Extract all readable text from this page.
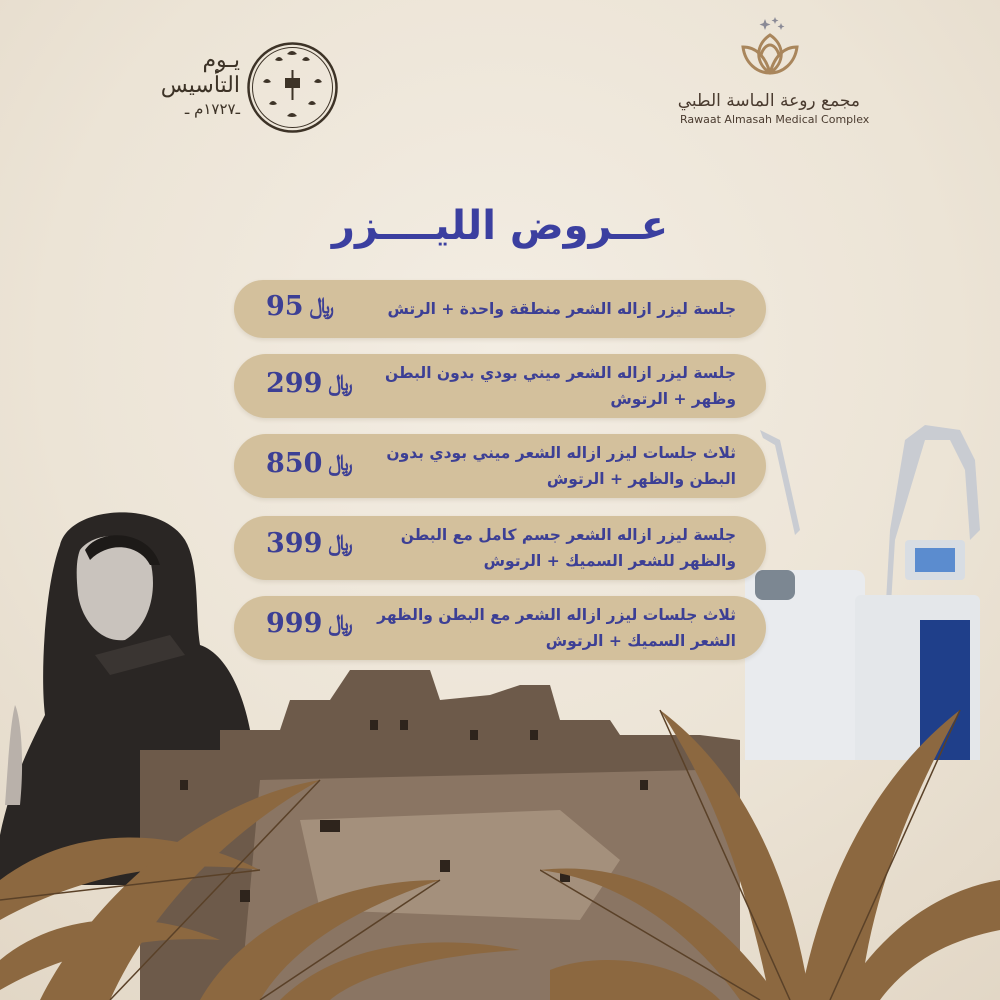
مجمع روعة الماسة الطبي
Rawaat Almasah Medical Complex
يـوم
التأسيس
ـ١٧٢٧م ـ
عــروض الليــــزر
جلسة ليزر ازاله الشعر منطقة واحدة + الرتش
95 ﷼
جلسة ليزر ازاله الشعر ميني بودي بدون البطن وظهر + الرتوش
299 ﷼
ثلاث جلسات ليزر ازاله الشعر ميني بودي بدون البطن والظهر + الرتوش
850 ﷼
جلسة ليزر ازاله الشعر جسم كامل مع البطن والظهر للشعر السميك + الرتوش
399 ﷼
ثلاث جلسات ليزر ازاله الشعر مع البطن والظهر الشعر السميك + الرتوش
999 ﷼
